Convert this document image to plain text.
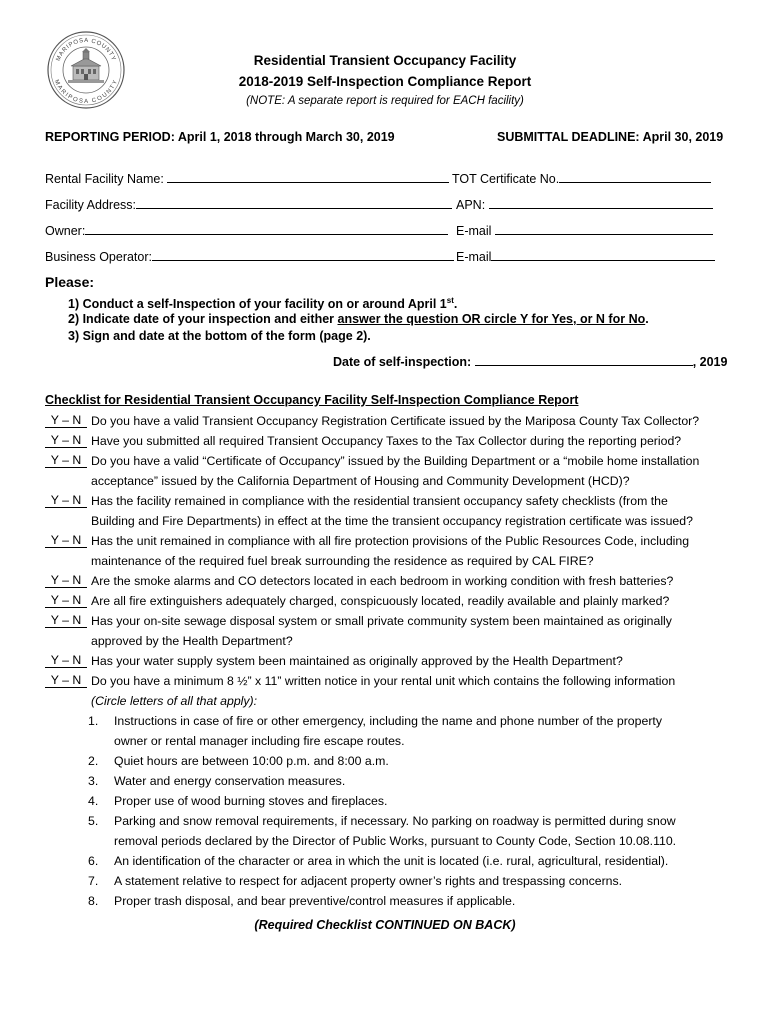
MARIPOSA COUNTY
MARIPOSA COUNTY
Residential Transient Occupancy Facility
2018-2019 Self-Inspection Compliance Report
(NOTE: A separate report is required for EACH facility)
REPORTING PERIOD: April 1, 2018 through March 30, 2019	SUBMITTAL DEADLINE: April 30, 2019
Rental Facility Name:	TOT Certificate No.
Facility Address:	APN:
Owner:	E-mail
Business Operator:	E-mail
Please:
1) Conduct a self-Inspection of your facility on or around April 1st.
2) Indicate date of your inspection and either answer the question OR circle Y for Yes, or N for No.
3) Sign and date at the bottom of the form (page 2).
Date of self-inspection:	, 2019
Checklist for Residential Transient Occupancy Facility Self-Inspection Compliance Report
Y – N Do you have a valid Transient Occupancy Registration Certificate issued by the Mariposa County Tax Collector?
Y – N Have you submitted all required Transient Occupancy Taxes to the Tax Collector during the reporting period?
Y – N Do you have a valid “Certificate of Occupancy” issued by the Building Department or a “mobile home installation
acceptance” issued by the California Department of Housing and Community Development (HCD)?
Y – N Has the facility remained in compliance with the residential transient occupancy safety checklists (from the
Building and Fire Departments) in effect at the time the transient occupancy registration certificate was issued?
Y – N Has the unit remained in compliance with all fire protection provisions of the Public Resources Code, including
maintenance of the required fuel break surrounding the residence as required by CAL FIRE?
Y – N Are the smoke alarms and CO detectors located in each bedroom in working condition with fresh batteries?
Y – N Are all fire extinguishers adequately charged, conspicuously located, readily available and plainly marked?
Y – N Has your on-site sewage disposal system or small private community system been maintained as originally
approved by the Health Department?
Y – N Has your water supply system been maintained as originally approved by the Health Department?
Y – N Do you have a minimum 8 ½” x 11” written notice in your rental unit which contains the following information
(Circle letters of all that apply):
1. Instructions in case of fire or other emergency, including the name and phone number of the property
owner or rental manager including fire escape routes.
2. Quiet hours are between 10:00 p.m. and 8:00 a.m.
3. Water and energy conservation measures.
4. Proper use of wood burning stoves and fireplaces.
5. Parking and snow removal requirements, if necessary. No parking on roadway is permitted during snow
removal periods declared by the Director of Public Works, pursuant to County Code, Section 10.08.110.
6. An identification of the character or area in which the unit is located (i.e. rural, agricultural, residential).
7. A statement relative to respect for adjacent property owner’s rights and trespassing concerns.
8. Proper trash disposal, and bear preventive/control measures if applicable.
(Required Checklist CONTINUED ON BACK)
